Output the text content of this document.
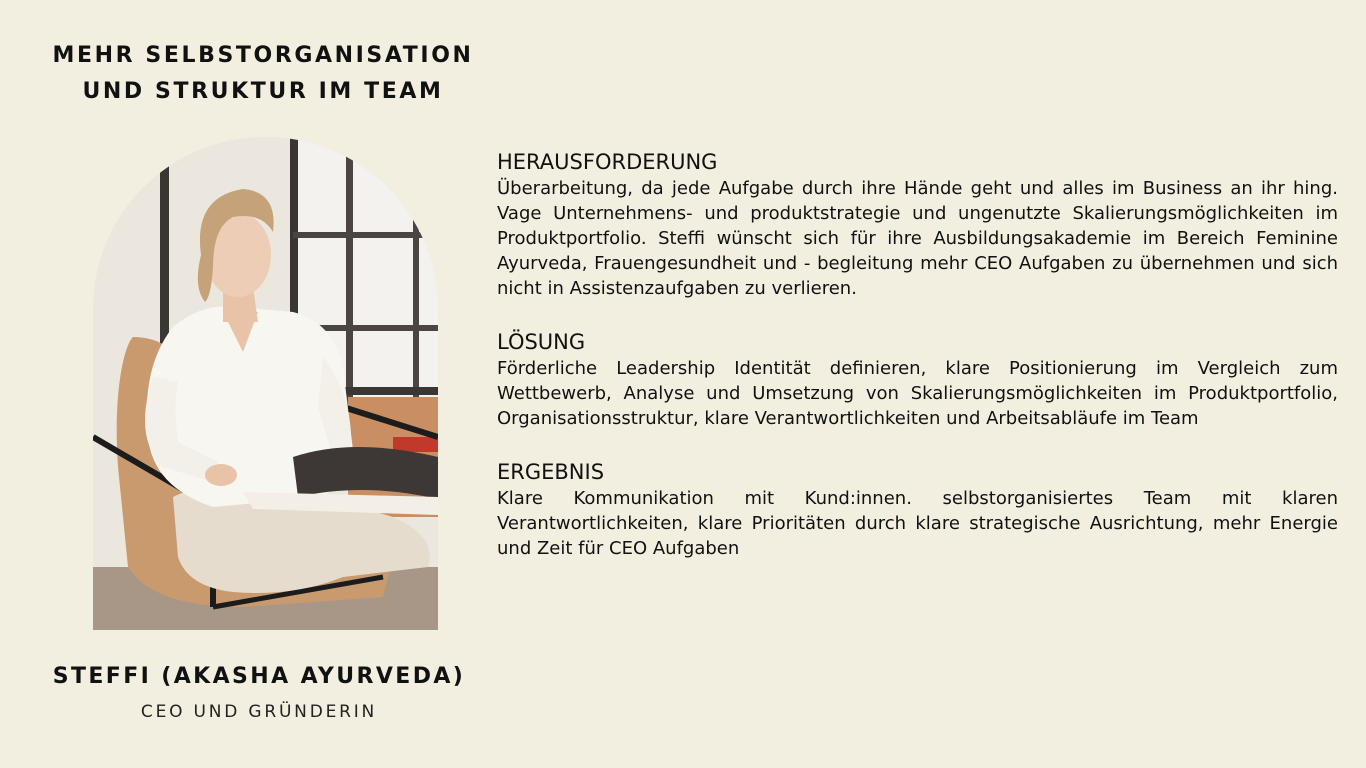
MEHR SELBSTORGANISATION
UND STRUKTUR IM TEAM
STEFFI (AKASHA AYURVEDA)
CEO UND GRÜNDERIN
HERAUSFORDERUNG

Überarbeitung, da jede Aufgabe durch ihre Hände geht und alles im Business an ihr hing. Vage Unternehmens- und produktstrategie und ungenutzte Skalierungsmöglichkeiten im Produktportfolio. Steffi wünscht sich für ihre Ausbildungsakademie im Bereich Feminine Ayurveda, Frauengesundheit und - begleitung mehr CEO Aufgaben zu übernehmen und sich nicht in Assistenzaufgaben zu verlieren.

LÖSUNG

Förderliche Leadership Identität definieren, klare Positionierung im Vergleich zum Wettbewerb, Analyse und Umsetzung von Skalierungsmöglichkeiten im Produktportfolio, Organisationsstruktur, klare Verantwortlichkeiten und Arbeitsabläufe im Team

ERGEBNIS

Klare Kommunikation mit Kund:innen. selbstorganisiertes Team mit klaren Verantwortlichkeiten, klare Prioritäten durch klare strategische Ausrichtung, mehr Energie und Zeit für CEO Aufgaben
